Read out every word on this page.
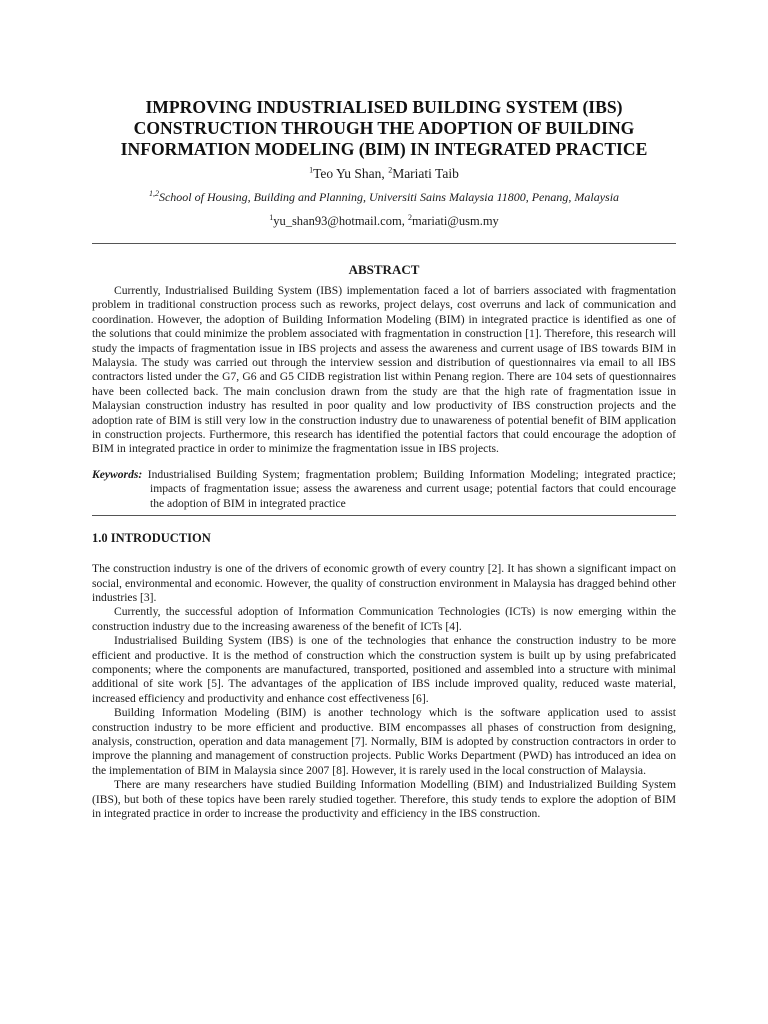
IMPROVING INDUSTRIALISED BUILDING SYSTEM (IBS) CONSTRUCTION THROUGH THE ADOPTION OF BUILDING INFORMATION MODELING (BIM) IN INTEGRATED PRACTICE
$^1$Teo Yu Shan, $^2$Mariati Taib
$^{1,2}$School of Housing, Building and Planning, Universiti Sains Malaysia 11800, Penang, Malaysia
$^1$yu_shan93@hotmail.com, $^2$mariati@usm.my
ABSTRACT

Currently, Industrialised Building System (IBS) implementation faced a lot of barriers associated with fragmentation problem in traditional construction process such as reworks, project delays, cost overruns and lack of communication and coordination. However, the adoption of Building Information Modeling (BIM) in integrated practice is identified as one of the solutions that could minimize the problem associated with fragmentation in construction [1]. Therefore, this research will study the impacts of fragmentation issue in IBS projects and assess the awareness and current usage of IBS towards BIM in Malaysia. The study was carried out through the interview session and distribution of questionnaires via email to all IBS contractors listed under the G7, G6 and G5 CIDB registration list within Penang region. There are 104 sets of questionnaires have been collected back. The main conclusion drawn from the study are that the high rate of fragmentation issue in Malaysian construction industry has resulted in poor quality and low productivity of IBS construction projects and the adoption rate of BIM is still very low in the construction industry due to unawareness of potential benefit of BIM application in construction projects. Furthermore, this research has identified the potential factors that could encourage the adoption of BIM in integrated practice in order to minimize the fragmentation issue in IBS projects.

Keywords: Industrialised Building System; fragmentation problem; Building Information Modeling; integrated practice; impacts of fragmentation issue; assess the awareness and current usage; potential factors that could encourage the adoption of BIM in integrated practice

1.0 INTRODUCTION

The construction industry is one of the drivers of economic growth of every country [2]. It has shown a significant impact on social, environmental and economic. However, the quality of construction environment in Malaysia has dragged behind other industries [3].

Currently, the successful adoption of Information Communication Technologies (ICTs) is now emerging within the construction industry due to the increasing awareness of the benefit of ICTs [4].

Industrialised Building System (IBS) is one of the technologies that enhance the construction industry to be more efficient and productive. It is the method of construction which the construction system is built up by using prefabricated components; where the components are manufactured, transported, positioned and assembled into a structure with minimal additional of site work [5]. The advantages of the application of IBS include improved quality, reduced waste material, increased efficiency and productivity and enhance cost effectiveness [6].

Building Information Modeling (BIM) is another technology which is the software application used to assist construction industry to be more efficient and productive. BIM encompasses all phases of construction from designing, analysis, construction, operation and data management [7]. Normally, BIM is adopted by construction contractors in order to improve the planning and management of construction projects. Public Works Department (PWD) has introduced an idea on the implementation of BIM in Malaysia since 2007 [8]. However, it is rarely used in the local construction of Malaysia.

There are many researchers have studied Building Information Modelling (BIM) and Industrialized Building System (IBS), but both of these topics have been rarely studied together. Therefore, this study tends to explore the adoption of BIM in integrated practice in order to increase the productivity and efficiency in the IBS construction.
